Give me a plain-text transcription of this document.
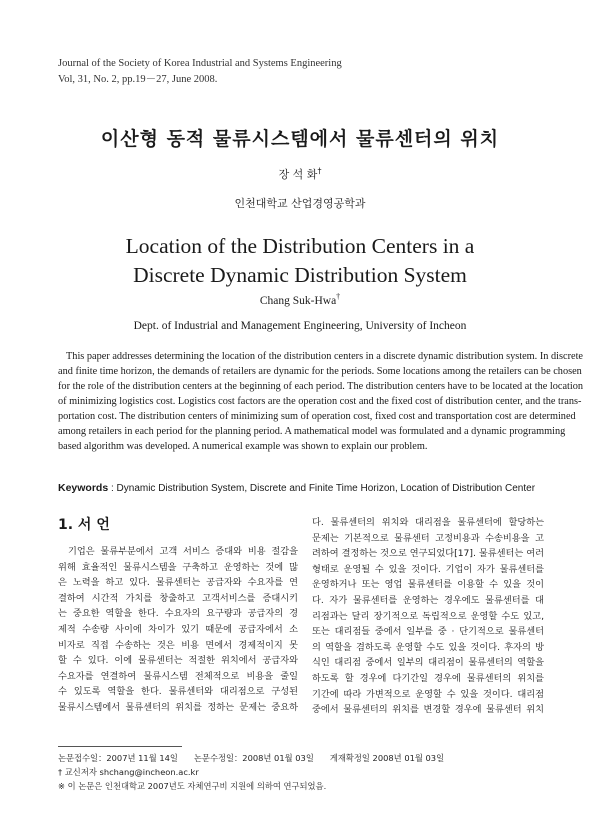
Journal of the Society of Korea Industrial and Systems Engineering
Vol, 31, No. 2, pp.19－27, June 2008.
이산형 동적 물류시스템에서 물류센터의 위치
장 석 화†
인천대학교 산업경영공학과
Location of the Distribution Centers in a
Discrete Dynamic Distribution System
Chang Suk-Hwa†
Dept. of Industrial and Management Engineering, University of Incheon
This paper addresses determining the location of the distribution centers in a discrete dynamic distribution system. In discrete
and finite time horizon, the demands of retailers are dynamic for the periods. Some locations among the retailers can be chosen
for the role of the distribution centers at the beginning of each period. The distribution centers have to be located at the location
of minimizing logistics cost. Logistics cost factors are the operation cost and the fixed cost of distribution center, and the trans-
portation cost. The distribution centers of minimizing sum of operation cost, fixed cost and transportation cost are determined
among retailers in each period for the planning period. A mathematical model was formulated and a dynamic programming
based algorithm was developed. A numerical example was shown to explain our problem.
Keywords : Dynamic Distribution System, Discrete and Finite Time Horizon, Location of Distribution Center
1. 서 언
기업은 물류부분에서 고객 서비스 증대와 비용 절감을
위해 효율적인 물류시스템을 구축하고 운영하는 것에 많
은 노력을 하고 있다. 물류센터는 공급자와 수요자를 연
결하여 시간적 가치를 창출하고 고객서비스를 증대시키
는 중요한 역할을 한다. 수요자의 요구량과 공급자의 경
제적 수송량 사이에 차이가 있기 때문에 공급자에서 소
비자로 직접 수송하는 것은 비용 면에서 경제적이지 못
할 수 있다. 이에 물류센터는 적절한 위치에서 공급자와
수요자를 연결하여 물류시스템 전체적으로 비용을 줄일
수 있도록 역할을 한다. 물류센터와 대리점으로 구성된
물류시스템에서 물류센터의 위치를 정하는 문제는 중요하
다. 물류센터의 위치와 대리점을 물류센터에 할당하는
문제는 기본적으로 물류센터 고정비용과 수송비용을 고
려하여 결정하는 것으로 연구되었다[17]. 물류센터는 여러
형태로 운영될 수 있을 것이다. 기업이 자가 물류센터를
운영하거나 또는 영업 물류센터를 이용할 수 있을 것이
다. 자가 물류센터를 운영하는 경우에도 물류센터를 대
리점과는 달리 장기적으로 독립적으로 운영할 수도 있고,
또는 대리점들 중에서 일부를 중 · 단기적으로 물류센터
의 역할을 겸하도록 운영할 수도 있을 것이다. 후자의 방
식인 대리점 중에서 일부의 대리점이 물류센터의 역할을
하도록 할 경우에 다기간일 경우에 물류센터의 위치를
기간에 따라 가변적으로 운영할 수 있을 것이다. 대리점
중에서 물류센터의 위치를 변경할 경우에 물류센터 위치
논문접수일：2007년 11월 14일 논문수정일：2008년 01월 03일 게재확정일 2008년 01월 03일
† 교신저자 shchang@incheon.ac.kr
※ 이 논문은 인천대학교 2007년도 자체연구비 지원에 의하여 연구되었음.
